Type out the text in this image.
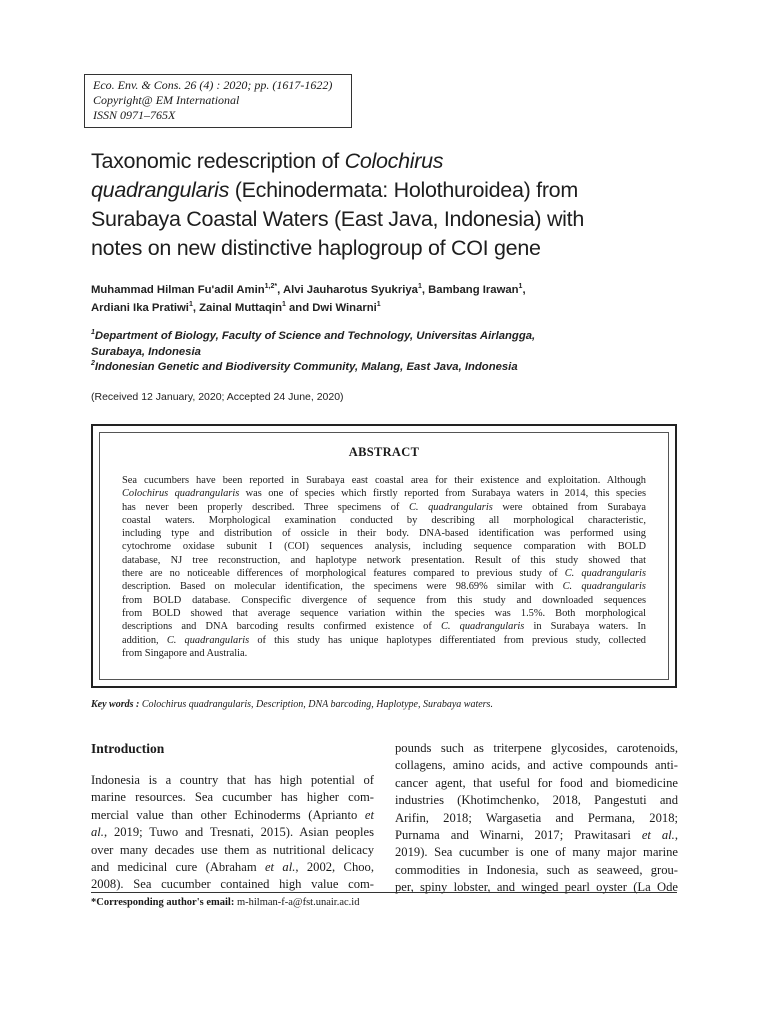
Eco. Env. & Cons. 26 (4) : 2020; pp. (1617-1622)
Copyright@ EM International
ISSN 0971–765X
Taxonomic redescription of Colochirus
quadrangularis (Echinodermata: Holothuroidea) from
Surabaya Coastal Waters (East Java, Indonesia) with
notes on new distinctive haplogroup of COI gene
Muhammad Hilman Fu'adil Amin$^{1,2*}$, Alvi Jauharotus Syukriya$^1$, Bambang Irawan$^1$,
Ardiani Ika Pratiwi$^1$, Zainal Muttaqin$^1$ and Dwi Winarni$^1$
$^1$Department of Biology, Faculty of Science and Technology, Universitas Airlangga,
Surabaya, Indonesia
$^2$Indonesian Genetic and Biodiversity Community, Malang, East Java, Indonesia
(Received 12 January, 2020; Accepted 24 June, 2020)
ABSTRACT
Sea cucumbers have been reported in Surabaya east coastal area for their existence and exploitation. Although
Colochirus quadrangularis was one of species which firstly reported from Surabaya waters in 2014, this species
has never been properly described. Three specimens of C. quadrangularis were obtained from Surabaya
coastal waters. Morphological examination conducted by describing all morphological characteristic,
including type and distribution of ossicle in their body. DNA-based identification was performed using
cytochrome oxidase subunit I (COI) sequences analysis, including sequence comparation with BOLD
database, NJ tree reconstruction, and haplotype network presentation. Result of this study showed that
there are no noticeable differences of morphological features compared to previous study of C. quadrangularis
description. Based on molecular identification, the specimens were 98.69% similar with C. quadrangularis
from BOLD database. Conspecific divergence of sequence from this study and downloaded sequences
from BOLD showed that average sequence variation within the species was 1.5%. Both morphological
descriptions and DNA barcoding results confirmed existence of C. quadrangularis in Surabaya waters. In
addition, C. quadrangularis of this study has unique haplotypes differentiated from previous study, collected
from Singapore and Australia.
Key words : Colochirus quadrangularis, Description, DNA barcoding, Haplotype, Surabaya waters.
Introduction
Indonesia is a country that has high potential of
marine resources. Sea cucumber has higher com-
mercial value than other Echinoderms (Aprianto et
al., 2019; Tuwo and Tresnati, 2015). Asian peoples
over many decades use them as nutritional delicacy
and medicinal cure (Abraham et al., 2002, Choo,
2008). Sea cucumber contained high value com-
pounds such as triterpene glycosides, carotenoids,
collagens, amino acids, and active compounds anti-
cancer agent, that useful for food and biomedicine
industries (Khotimchenko, 2018, Pangestuti and
Arifin, 2018; Wargasetia and Permana, 2018;
Purnama and Winarni, 2017; Prawitasari et al.,
2019). Sea cucumber is one of many major marine
commodities in Indonesia, such as seaweed, grou-
per, spiny lobster, and winged pearl oyster (La Ode
*Corresponding author's email: m-hilman-f-a@fst.unair.ac.id
